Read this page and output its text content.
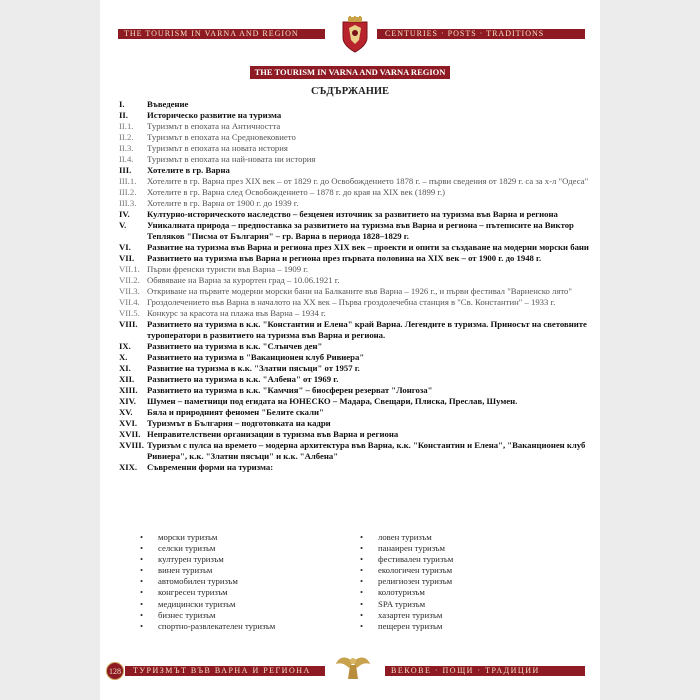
THE TOURISM IN VARNA AND REGION	CENTURIES · POSTS · TRADITIONS
THE TOURISM IN VARNA AND VARNA REGION
СЪДЪРЖАНИЕ
I.	Въведение
II.	Историческо развитие на туризма
II.1.	Туризмът в епохата на Античността
II.2.	Туризмът в епохата на Средновековието
II.3.	Туризмът в епохата на новата история
II.4.	Туризмът в епохата на най-новата ни история
III.	Хотелите в гр. Варна
III.1.	Хотелите в гр. Варна през XIX век – от 1829 г. до Освобождението 1878 г. – първи сведения от 1829 г. са за х-л "Одеса"
III.2.	Хотелите в гр. Варна след Освобождението – 1878 г. до края на XIX век (1899 г.)
III.3.	Хотелите в гр. Варна от 1900 г. до 1939 г.
IV.	Културно-историческото наследство – безценен източник за развитието на туризма във Варна и региона
V.	Уникалната природа – предпоставка за развитието на туризма във Варна и региона – пътеписите на Виктор Тепляков "Писма от България" – гр. Варна в периода 1828–1829 г.
VI.	Развитие на туризма във Варна и региона през XIX век – проекти и опити за създаване на модерни морски бани
VII.	Развитието на туризма във Варна и региона през първата половина на XIX век – от 1900 г. до 1948 г.
VII.1. Първи френски туристи във Варна – 1909 г.
VII.2. Обявяване на Варна за курортен град – 10.06.1921 г.
VII.3. Откриване на първите модерни морски бани на Балканите във Варна – 1926 г., и първи фестивал "Варненско лято"
VII.4. Гроздолечението във Варна в началото на XX век – Първа гроздолечебна станция в "Св. Константин" – 1933 г.
VII.5. Конкурс за красота на плажа във Варна – 1934 г.
VIII.	Развитието на туризма в к.к. "Константин и Елена" край Варна. Легендите в туризма. Приносът на световните туроператори в развитието на туризма във Варна и региона.
IX.	Развитието на туризма в к.к. "Слънчев ден"
X.	Развитието на туризма в "Ваканционен клуб Ривиера"
XI.	Развитие на туризма в к.к. "Златни пясъци" от 1957 г.
XII.	Развитието на туризма в к.к. "Албена" от 1969 г.
XIII.	Развитието на туризма в к.к. "Камчия" – биосферен резерват "Лонгоза"
XIV.	Шумен – паметници под егидата на ЮНЕСКО – Мадара, Свещари, Плиска, Преслав, Шумен.
XV.	Бяла и природният феномен "Белите скали"
XVI.	Туризмът в България – подготовката на кадри
XVII. Неправителствени организации в туризма във Варна и региона
XVIII. Туризъм с пулса на времето – модерна архитектура във Варна, к.к. "Константин и Елена", "Ваканционен клуб Ривиера", к.к. "Златни пясъци" и к.к. "Албена"
XIX.	Съвременни форми на туризма:
•	морски туризъм
•	селски туризъм
•	културен туризъм
•	винен туризъм
•	автомобилен туризъм
•	конгресен туризъм
•	медицински туризъм
•	бизнес туризъм
•	спортно-развлекателен туризъм
•	ловен туризъм
•	панаирен туризъм
•	фестивален туризъм
•	екологичен туризъм
•	религиозен туризъм
•	колотуризъм
•	SPA туризъм
•	хазартен туризъм
•	пещерен туризъм
128	ТУРИЗМЪТ ВЪВ ВАРНА И РЕГИОНА	ВЕКОВЕ · ПОЩИ · ТРАДИЦИИ
